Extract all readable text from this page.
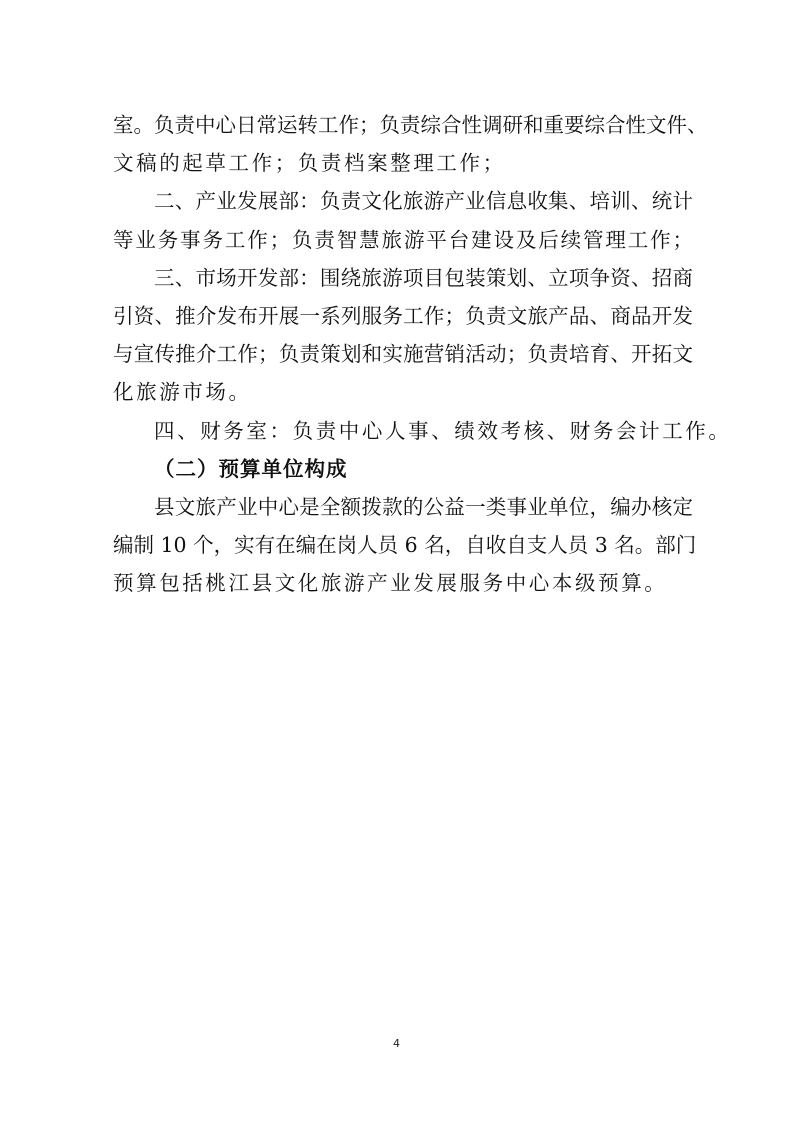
室。负责中心日常运转工作；负责综合性调研和重要综合性文件、
文稿的起草工作；负责档案整理工作；
二、产业发展部：负责文化旅游产业信息收集、培训、统计
等业务事务工作；负责智慧旅游平台建设及后续管理工作；
三、市场开发部：围绕旅游项目包装策划、立项争资、招商
引资、推介发布开展一系列服务工作；负责文旅产品、商品开发
与宣传推介工作；负责策划和实施营销活动；负责培育、开拓文
化旅游市场。
四、财务室：负责中心人事、绩效考核、财务会计工作。
（二）预算单位构成
县文旅产业中心是全额拨款的公益一类事业单位，编办核定
编制 10 个，实有在编在岗人员 6 名，自收自支人员 3 名。部门
预算包括桃江县文化旅游产业发展服务中心本级预算。
4
